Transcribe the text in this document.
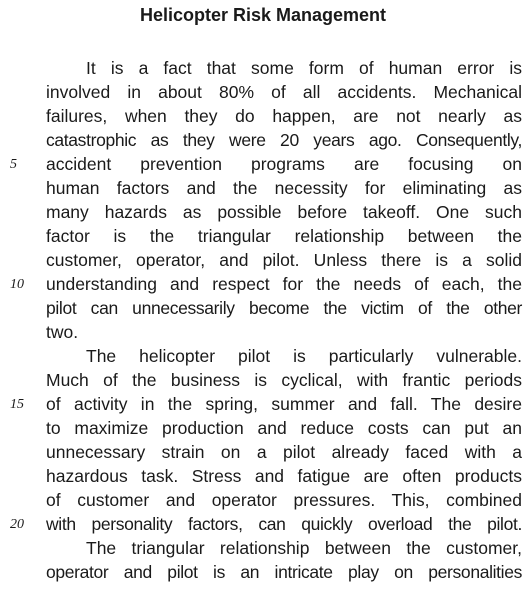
Helicopter Risk Management
It is a fact that some form of human error is
involved in about 80% of all accidents. Mechanical
failures, when they do happen, are not nearly as
catastrophic as they were 20 years ago. Consequently,
accident prevention programs are focusing on
human factors and the necessity for eliminating as
many hazards as possible before takeoff. One such
factor is the triangular relationship between the
customer, operator, and pilot. Unless there is a solid
understanding and respect for the needs of each, the
pilot can unnecessarily become the victim of the other
two.
The helicopter pilot is particularly vulnerable.
Much of the business is cyclical, with frantic periods
of activity in the spring, summer and fall. The desire
to maximize production and reduce costs can put an
unnecessary strain on a pilot already faced with a
hazardous task. Stress and fatigue are often products
of customer and operator pressures. This, combined
with personality factors, can quickly overload the pilot.
The triangular relationship between the customer,
operator and pilot is an intricate play on personalities
5
10
15
20
